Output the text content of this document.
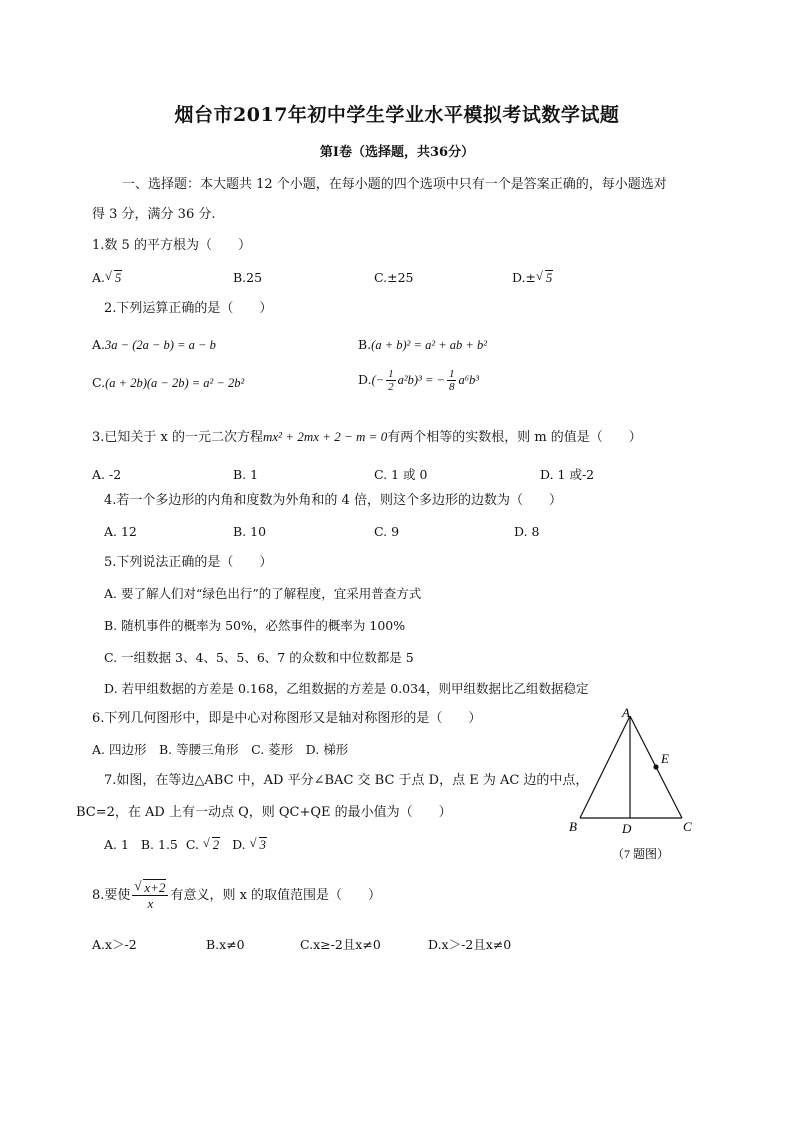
烟台市2017年初中学生学业水平模拟考试数学试题
第Ⅰ卷（选择题，共36分）
一、选择题：本大题共 12 个小题，在每小题的四个选项中只有一个是答案正确的，每小题选对
得 3 分，满分 36 分.
1.数 5 的平方根为（　　）
A. √ 5	B.25	C.±25	D.± √ 5
2.下列运算正确的是（　　）
A.3a − (2a − b) = a − b	B.(a + b)² = a² + ab + b²
C.(a + 2b)(a − 2b) = a² − 2b²	$D.(- \frac{1}{2} a^2b)^3$ = − $\frac{1}{8} a^6b^3$
3.已知关于 x 的一元二次方程mx² + 2mx + 2 − m = 0有两个相等的实数根，则 m 的值是（　　）
A. -2	B. 1	C. 1 或 0	D. 1 或-2
4.若一个多边形的内角和度数为外角和的 4 倍，则这个多边形的边数为（　　）
A. 12	B. 10	C. 9	D. 8
5.下列说法正确的是（　　）
A. 要了解人们对“绿色出行”的了解程度，宜采用普查方式
B. 随机事件的概率为 50%，必然事件的概率为 100%
C. 一组数据 3、4、5、5、6、7 的众数和中位数都是 5
D. 若甲组数据的方差是 0.168，乙组数据的方差是 0.034，则甲组数据比乙组数据稳定
6.下列几何图形中，即是中心对称图形又是轴对称图形的是（　　）
A. 四边形　B. 等腰三角形　C. 菱形　D. 梯形
7.如图，在等边△ABC 中，AD 平分∠BAC 交 BC 于点 D，点 E 为 AC 边的中点，
BC=2，在 AD 上有一动点 Q，则 QC+QE 的最小值为（　　）
A. 1 B. 1.5 C. √ 2 D. √ 3
A
B	C
D
E
（7 题图）
8.要使 $\frac{√ x+2}{x}$ 有意义，则 x 的取值范围是（　　）
A.x＞-2	B.x≠0	C.x≥-2且x≠0	D.x＞-2且x≠0
